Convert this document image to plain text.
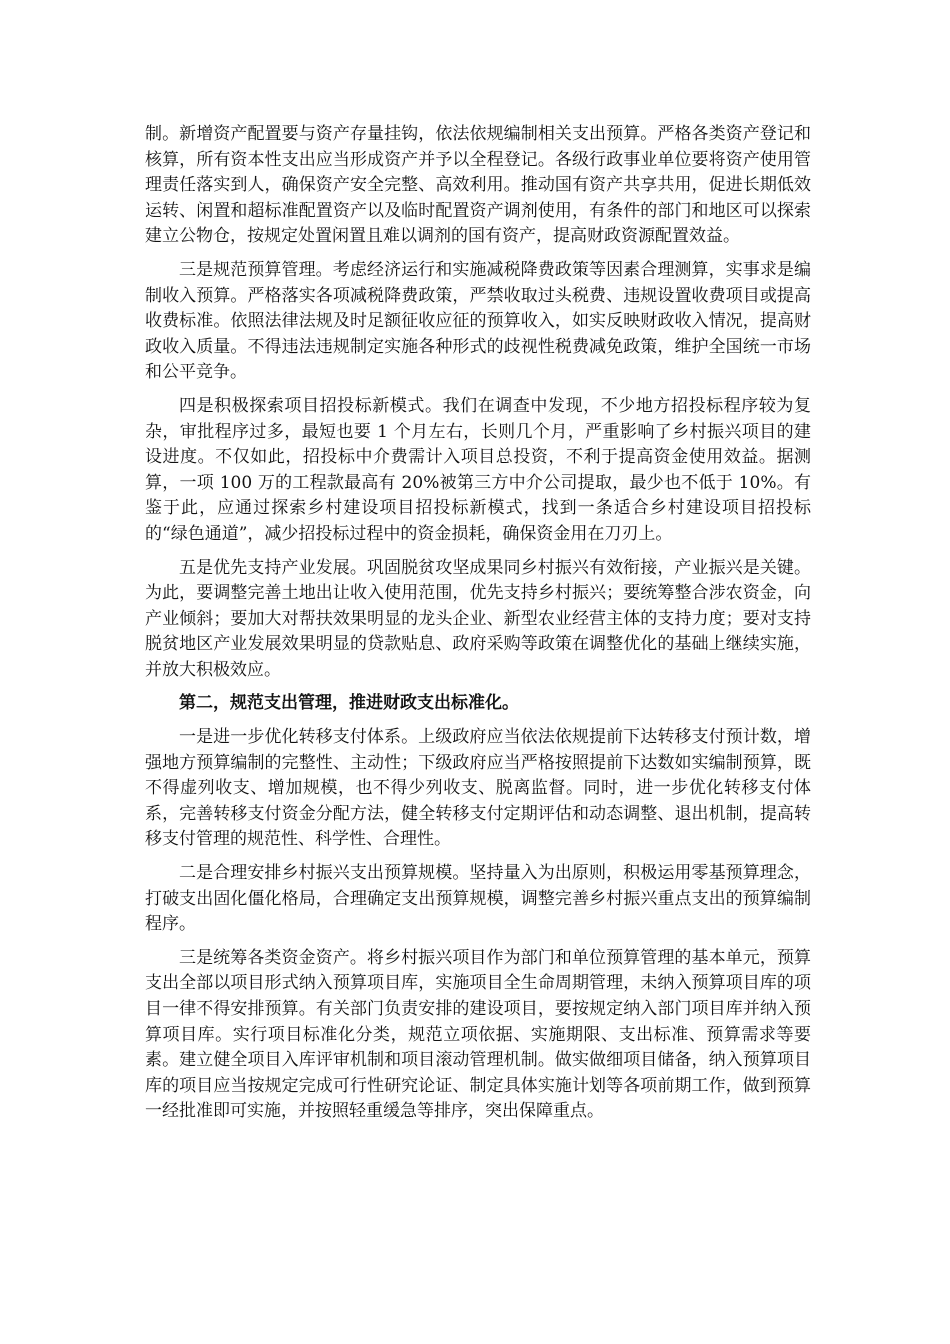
制。新增资产配置要与资产存量挂钩，依法依规编制相关支出预算。严格各类资产登记和核算，所有资本性支出应当形成资产并予以全程登记。各级行政事业单位要将资产使用管理责任落实到人，确保资产安全完整、高效利用。推动国有资产共享共用，促进长期低效运转、闲置和超标准配置资产以及临时配置资产调剂使用，有条件的部门和地区可以探索建立公物仓，按规定处置闲置且难以调剂的国有资产，提高财政资源配置效益。

三是规范预算管理。考虑经济运行和实施减税降费政策等因素合理测算，实事求是编制收入预算。严格落实各项减税降费政策，严禁收取过头税费、违规设置收费项目或提高收费标准。依照法律法规及时足额征收应征的预算收入，如实反映财政收入情况，提高财政收入质量。不得违法违规制定实施各种形式的歧视性税费减免政策，维护全国统一市场和公平竞争。

四是积极探索项目招投标新模式。我们在调查中发现，不少地方招投标程序较为复杂，审批程序过多，最短也要 1 个月左右，长则几个月，严重影响了乡村振兴项目的建设进度。不仅如此，招投标中介费需计入项目总投资，不利于提高资金使用效益。据测算，一项 100 万的工程款最高有 20%被第三方中介公司提取，最少也不低于 10%。有鉴于此，应通过探索乡村建设项目招投标新模式，找到一条适合乡村建设项目招投标的“绿色通道”，减少招投标过程中的资金损耗，确保资金用在刀刃上。

五是优先支持产业发展。巩固脱贫攻坚成果同乡村振兴有效衔接，产业振兴是关键。为此，要调整完善土地出让收入使用范围，优先支持乡村振兴；要统筹整合涉农资金，向产业倾斜；要加大对帮扶效果明显的龙头企业、新型农业经营主体的支持力度；要对支持脱贫地区产业发展效果明显的贷款贴息、政府采购等政策在调整优化的基础上继续实施，并放大积极效应。

第二，规范支出管理，推进财政支出标准化。

一是进一步优化转移支付体系。上级政府应当依法依规提前下达转移支付预计数，增强地方预算编制的完整性、主动性；下级政府应当严格按照提前下达数如实编制预算，既不得虚列收支、增加规模，也不得少列收支、脱离监督。同时，进一步优化转移支付体系，完善转移支付资金分配方法，健全转移支付定期评估和动态调整、退出机制，提高转移支付管理的规范性、科学性、合理性。

二是合理安排乡村振兴支出预算规模。坚持量入为出原则，积极运用零基预算理念，打破支出固化僵化格局，合理确定支出预算规模，调整完善乡村振兴重点支出的预算编制程序。

三是统筹各类资金资产。将乡村振兴项目作为部门和单位预算管理的基本单元，预算支出全部以项目形式纳入预算项目库，实施项目全生命周期管理，未纳入预算项目库的项目一律不得安排预算。有关部门负责安排的建设项目，要按规定纳入部门项目库并纳入预算项目库。实行项目标准化分类，规范立项依据、实施期限、支出标准、预算需求等要素。建立健全项目入库评审机制和项目滚动管理机制。做实做细项目储备，纳入预算项目库的项目应当按规定完成可行性研究论证、制定具体实施计划等各项前期工作，做到预算一经批准即可实施，并按照轻重缓急等排序，突出保障重点。
